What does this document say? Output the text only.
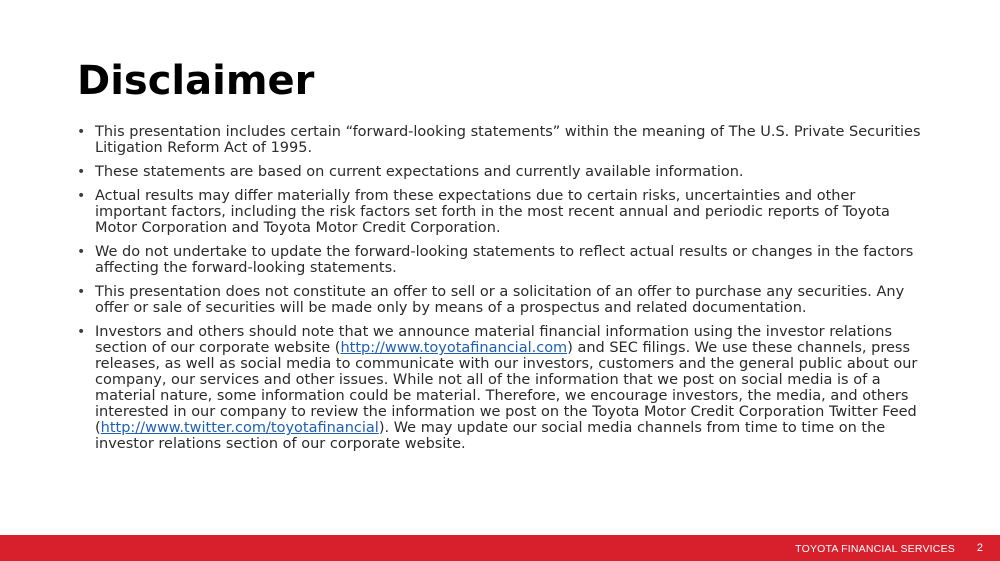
Disclaimer
• This presentation includes certain “forward-looking statements” within the meaning of The U.S. Private Securities Litigation Reform Act of 1995.
• These statements are based on current expectations and currently available information.
• Actual results may differ materially from these expectations due to certain risks, uncertainties and other important factors, including the risk factors set forth in the most recent annual and periodic reports of Toyota Motor Corporation and Toyota Motor Credit Corporation.
• We do not undertake to update the forward-looking statements to reflect actual results or changes in the factors affecting the forward-looking statements.
• This presentation does not constitute an offer to sell or a solicitation of an offer to purchase any securities. Any offer or sale of securities will be made only by means of a prospectus and related documentation.
• Investors and others should note that we announce material financial information using the investor relations section of our corporate website (http://www.toyotafinancial.com) and SEC filings. We use these channels, press releases, as well as social media to communicate with our investors, customers and the general public about our company, our services and other issues. While not all of the information that we post on social media is of a material nature, some information could be material. Therefore, we encourage investors, the media, and others interested in our company to review the information we post on the Toyota Motor Credit Corporation Twitter Feed (http://www.twitter.com/toyotafinancial). We may update our social media channels from time to time on the investor relations section of our corporate website.
TOYOTA FINANCIAL SERVICES 2
